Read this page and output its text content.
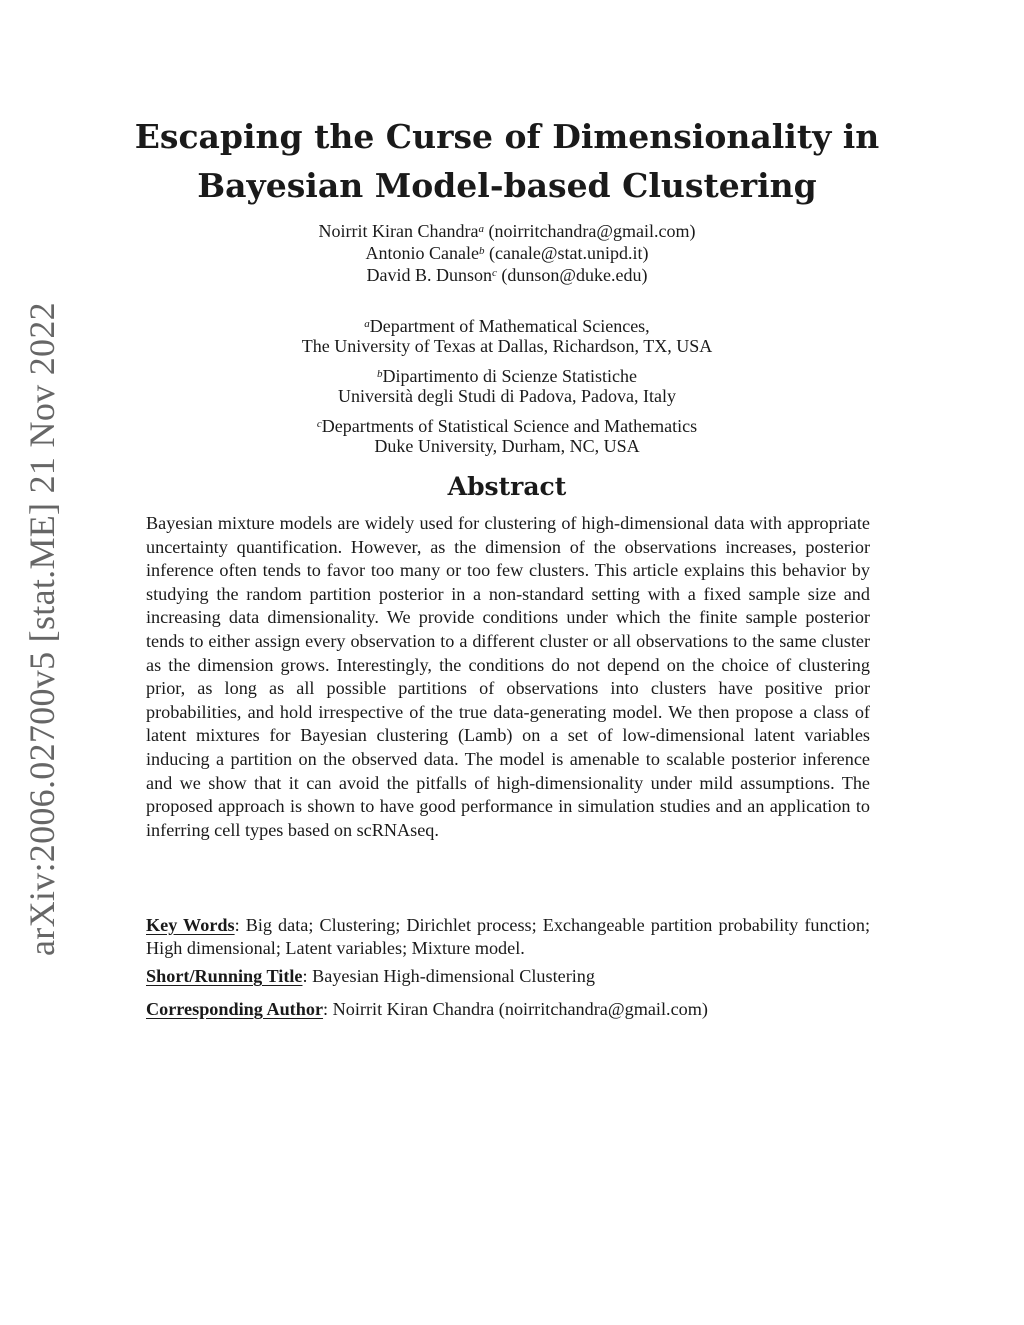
arXiv:2006.02700v5 [stat.ME] 21 Nov 2022
Escaping the Curse of Dimensionality in
Bayesian Model-based Clustering
Noirrit Kiran Chandra$^a$ (noirritchandra@gmail.com)
Antonio Canale$^b$ (canale@stat.unipd.it)
David B. Dunson$^c$ (dunson@duke.edu)
$^a$Department of Mathematical Sciences,
The University of Texas at Dallas, Richardson, TX, USA
$^b$Dipartimento di Scienze Statistiche
Università degli Studi di Padova, Padova, Italy
$^c$Departments of Statistical Science and Mathematics
Duke University, Durham, NC, USA
Abstract
Bayesian mixture models are widely used for clustering of high-dimensional data with appropriate uncertainty quantification. However, as the dimension of the observations increases, posterior inference often tends to favor too many or too few clusters. This article explains this behavior by studying the random partition posterior in a non-standard setting with a fixed sample size and increasing data dimensionality. We provide conditions under which the finite sample posterior tends to either assign every observation to a different cluster or all observations to the same cluster as the dimension grows. Interestingly, the conditions do not depend on the choice of clustering prior, as long as all possible partitions of observations into clusters have positive prior probabilities, and hold irrespective of the true data-generating model. We then propose a class of latent mixtures for Bayesian clustering (Lamb) on a set of low-dimensional latent variables inducing a partition on the observed data. The model is amenable to scalable posterior inference and we show that it can avoid the pitfalls of high-dimensionality under mild assumptions. The proposed approach is shown to have good performance in simulation studies and an application to inferring cell types based on scRNAseq.
Key Words: Big data; Clustering; Dirichlet process; Exchangeable partition probability function; High dimensional; Latent variables; Mixture model.
Short/Running Title: Bayesian High-dimensional Clustering
Corresponding Author: Noirrit Kiran Chandra (noirritchandra@gmail.com)
